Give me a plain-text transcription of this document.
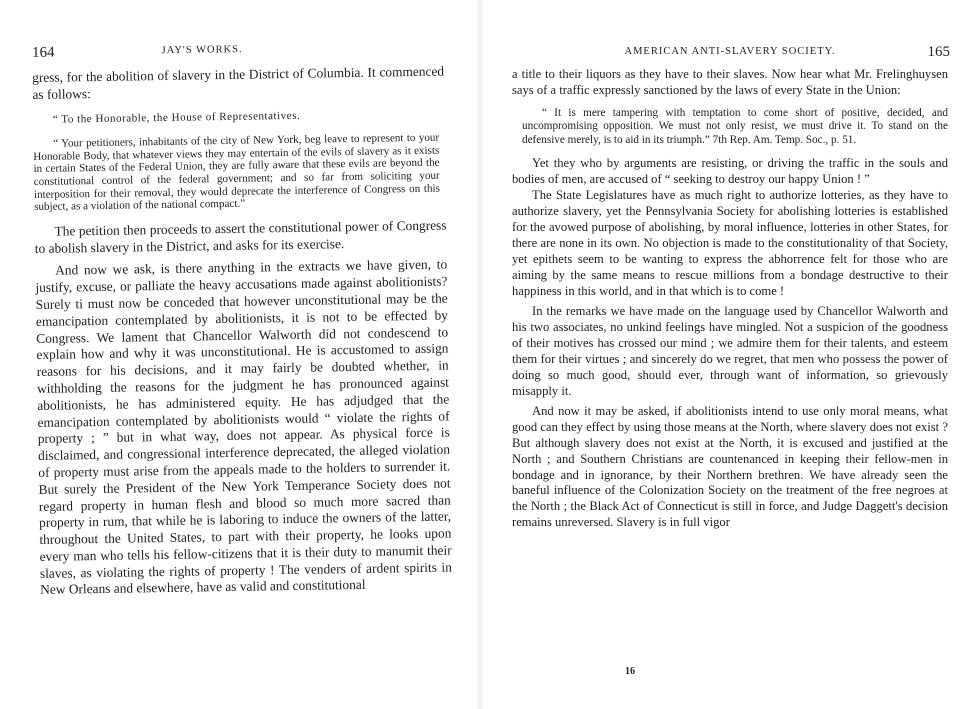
164	JAY'S WORKS.

gress, for the abolition of slavery in the District of Columbia. It commenced as follows:

“ To the Honorable, the House of Representatives.

“ Your petitioners, inhabitants of the city of New York, beg leave to represent to your Honorable Body, that whatever views they may entertain of the evils of slavery as it exists in certain States of the Federal Union, they are fully aware that these evils are beyond the constitutional control of the federal government; and so far from soliciting your interposition for their removal, they would deprecate the interference of Congress on this subject, as a violation of the national compact.”

The petition then proceeds to assert the constitutional power of Congress to abolish slavery in the District, and asks for its exercise.

And now we ask, is there anything in the extracts we have given, to justify, excuse, or palliate the heavy accusations made against abolitionists? Surely ti must now be conceded that however unconstitutional may be the emancipation contemplated by abolitionists, it is not to be effected by Congress. We lament that Chancellor Walworth did not condescend to explain how and why it was unconstitutional. He is accustomed to assign reasons for his decisions, and it may fairly be doubted whether, in withholding the reasons for the judgment he has pronounced against abolitionists, he has administered equity. He has adjudged that the emancipation contemplated by abolitionists would “ violate the rights of property ; ” but in what way, does not appear. As physical force is disclaimed, and congressional interference deprecated, the alleged violation of property must arise from the appeals made to the holders to surrender it. But surely the President of the New York Temperance Society does not regard property in human flesh and blood so much more sacred than property in rum, that while he is laboring to induce the owners of the latter, throughout the United States, to part with their property, he looks upon every man who tells his fellow-citizens that it is their duty to manumit their slaves, as violating the rights of property ! The venders of ardent spirits in New Orleans and elsewhere, have as valid and constitutional

AMERICAN ANTI-SLAVERY SOCIETY.	165

a title to their liquors as they have to their slaves. Now hear what Mr. Frelinghuysen says of a traffic expressly sanctioned by the laws of every State in the Union:

“ It is mere tampering with temptation to come short of positive, decided, and uncompromising opposition. We must not only resist, we must drive it. To stand on the defensive merely, is to aid in its triumph.” 7th Rep. Am. Temp. Soc., p. 51.

Yet they who by arguments are resisting, or driving the traffic in the souls and bodies of men, are accused of “ seeking to destroy our happy Union ! ”

The State Legislatures have as much right to authorize lotteries, as they have to authorize slavery, yet the Pennsylvania Society for abolishing lotteries is established for the avowed purpose of abolishing, by moral influence, lotteries in other States, for there are none in its own. No objection is made to the constitutionality of that Society, yet epithets seem to be wanting to express the abhorrence felt for those who are aiming by the same means to rescue millions from a bondage destructive to their happiness in this world, and in that which is to come !

In the remarks we have made on the language used by Chancellor Walworth and his two associates, no unkind feelings have mingled. Not a suspicion of the goodness of their motives has crossed our mind ; we admire them for their talents, and esteem them for their virtues ; and sincerely do we regret, that men who possess the power of doing so much good, should ever, through want of information, so grievously misapply it.

And now it may be asked, if abolitionists intend to use only moral means, what good can they effect by using those means at the North, where slavery does not exist ? But although slavery does not exist at the North, it is excused and justified at the North ; and Southern Christians are countenanced in keeping their fellow-men in bondage and in ignorance, by their Northern brethren. We have already seen the baneful influence of the Colonization Society on the treatment of the free negroes at the North ; the Black Act of Connecticut is still in force, and Judge Daggett's decision remains unreversed. Slavery is in full vigor

16
